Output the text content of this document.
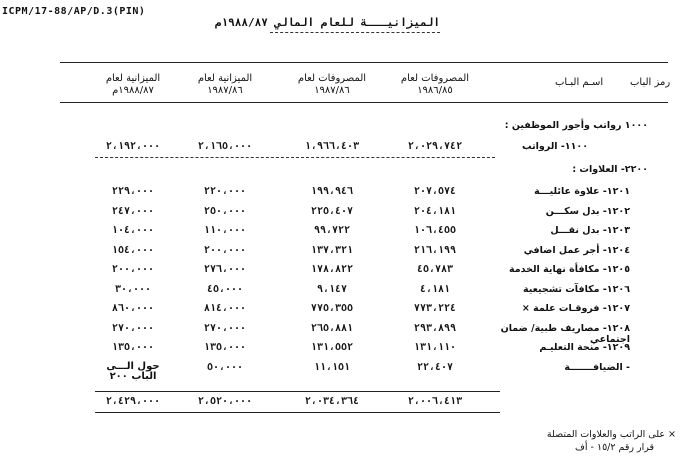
ICPM/17-88/AP/D.3(PIN)
الميزانيـــة للعام المالي ١٩٨٨/٨٧م
رمز الباب
اسـم البـاب
المصروفات لعام
١٩٨٦/٨٥
المصروفات لعام
١٩٨٧/٨٦
الميزانية لعام
١٩٨٧/٨٦
الميزانية لعام
١٩٨٨/٨٧م
١٠٠٠ رواتب وأجور الموظفين :
١١٠٠- الرواتب
٢،٠٢٩،٧٤٢
١،٩٦٦،٤٠٣
٢،١٦٥،٠٠٠
٢،١٩٢،٠٠٠
٢٢٠٠- العلاوات :
١٢٠١- علاوة عائليـــة
٢٠٧،٥٧٤
١٩٩،٩٤٦
٢٢٠،٠٠٠
٢٢٩،٠٠٠
١٢٠٢- بدل سكـــن
٢٠٤،١٨١
٢٢٥،٤٠٧
٢٥٠،٠٠٠
٢٤٧،٠٠٠
١٢٠٣- بدل نقـــل
١٠٦،٤٥٥
٩٩،٧٢٢
١١٠،٠٠٠
١٠٤،٠٠٠
١٢٠٤- أجر عمل اضافي
٢١٦،١٩٩
١٣٧،٣٢١
٢٠٠،٠٠٠
١٥٤،٠٠٠
١٢٠٥- مكافأة نهاية الخدمة
٤٥،٧٨٣
١٧٨،٨٢٢
٢٧٦،٠٠٠
٢٠٠،٠٠٠
١٢٠٦- مكافآت تشجيعية
٤،١٨١
٩،١٤٧
٤٥،٠٠٠
٣٠،٠٠٠
١٢٠٧- فروقـات علمة ×
٧٧٣،٢٢٤
٧٧٥،٣٥٥
٨١٤،٠٠٠
٨٦٠،٠٠٠
١٢٠٨- مصاريف طبية/ ضمان اجتماعي
٢٩٣،٨٩٩
٢٦٥،٨٨١
٢٧٠،٠٠٠
٢٧٠،٠٠٠
١٢٠٩- منحة التعليـم
١٣١،١١٠
١٣١،٥٥٢
١٣٥،٠٠٠
١٣٥،٠٠٠
- الضيافـــــــة
٢٢،٤٠٧
١١،١٥١
٥٠،٠٠٠
حول الـــى الباب ٢٠٠
٢،٠٠٦،٤١٣
٢،٠٣٤،٣٦٤
٢،٥٢٠،٠٠٠
٢،٤٢٩،٠٠٠
× على الراتب والعلاوات المتصلة
قرار رقم ١٥/٢ - أف
